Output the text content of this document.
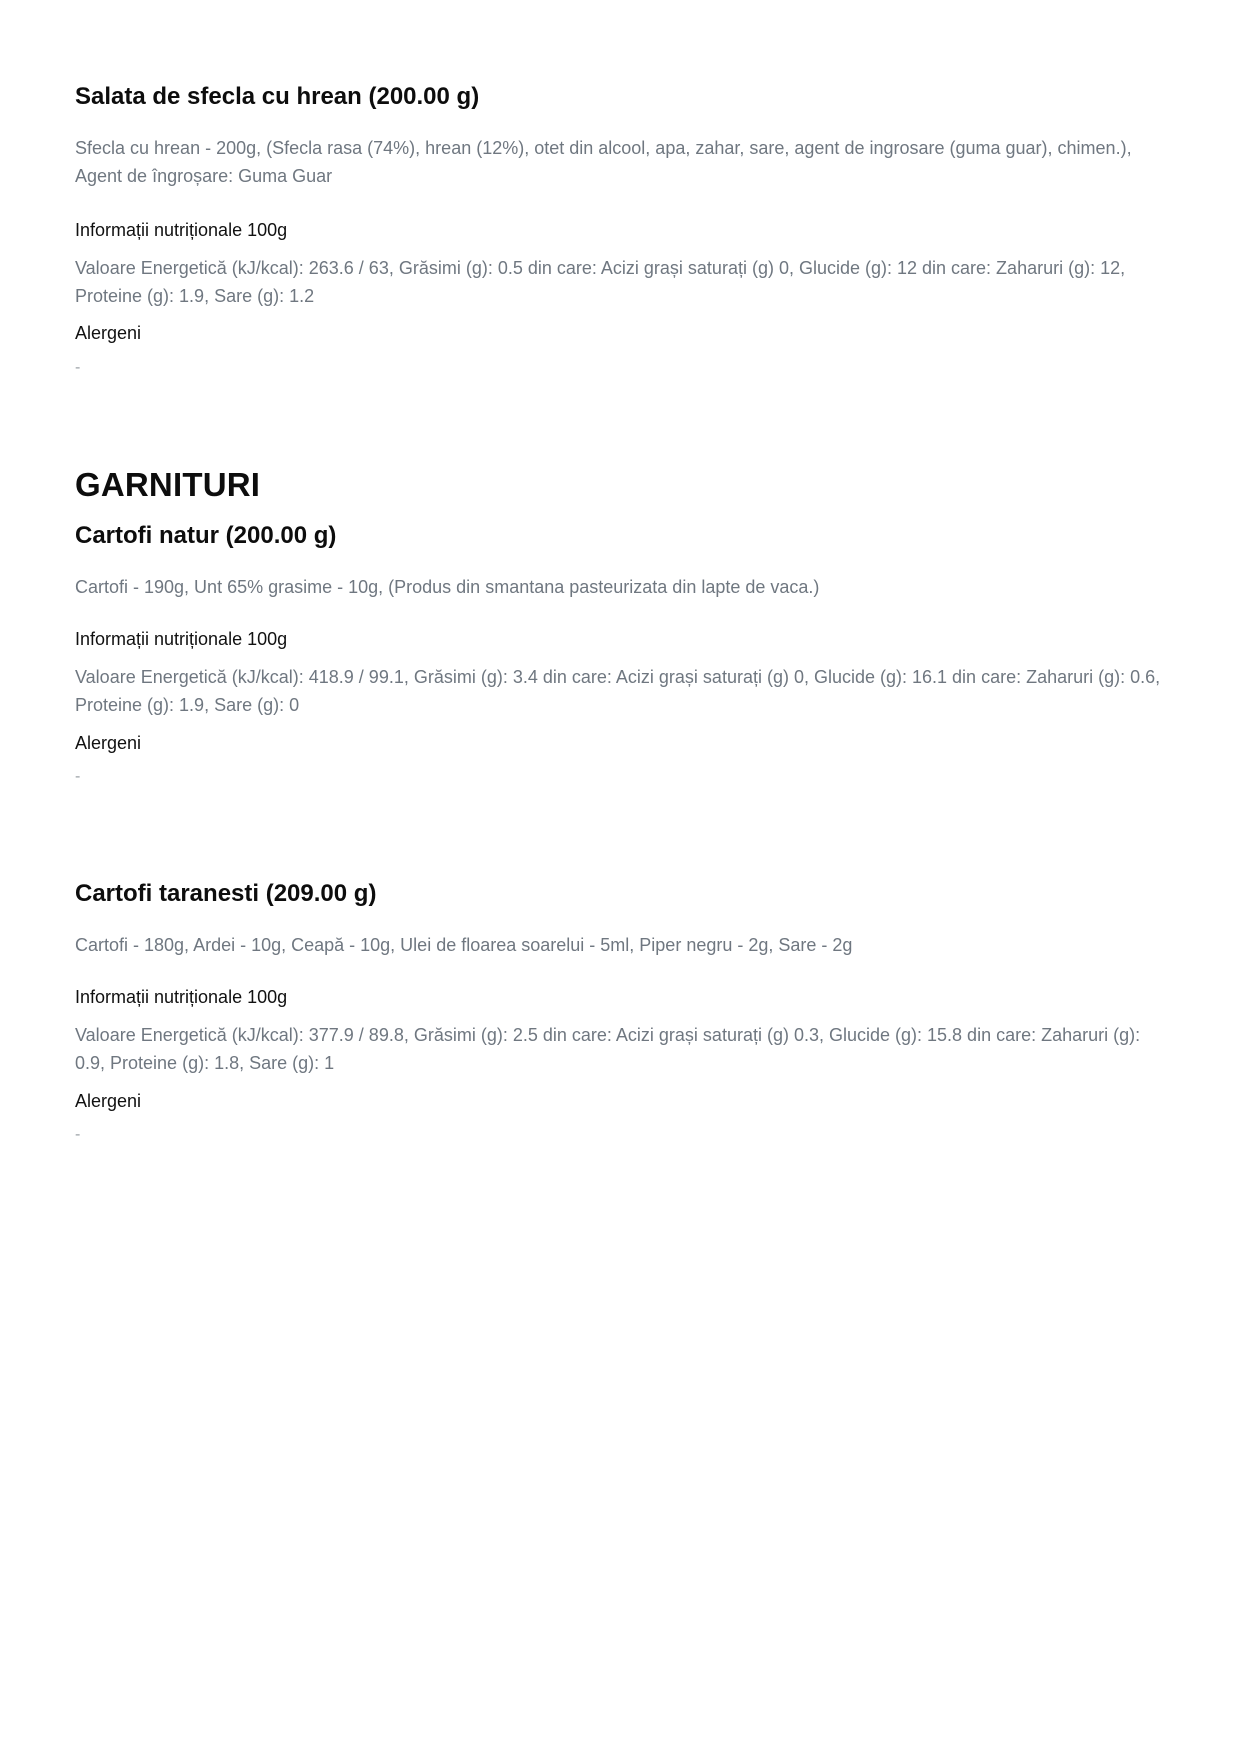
Salata de sfecla cu hrean (200.00 g)

Sfecla cu hrean - 200g, (Sfecla rasa (74%), hrean (12%), otet din alcool, apa, zahar, sare, agent de ingrosare (guma guar), chimen.), Agent de îngroșare: Guma Guar

Informații nutriționale 100g

Valoare Energetică (kJ/kcal): 263.6 / 63, Grăsimi (g): 0.5 din care: Acizi grași saturați (g) 0, Glucide (g): 12 din care: Zaharuri (g): 12, Proteine (g): 1.9, Sare (g): 1.2

Alergeni

-

GARNITURI
Cartofi natur (200.00 g)

Cartofi - 190g, Unt 65% grasime - 10g, (Produs din smantana pasteurizata din lapte de vaca.)

Informații nutriționale 100g

Valoare Energetică (kJ/kcal): 418.9 / 99.1, Grăsimi (g): 3.4 din care: Acizi grași saturați (g) 0, Glucide (g): 16.1 din care: Zaharuri (g): 0.6, Proteine (g): 1.9, Sare (g): 0

Alergeni

-

Cartofi taranesti (209.00 g)

Cartofi - 180g, Ardei - 10g, Ceapă - 10g, Ulei de floarea soarelui - 5ml, Piper negru - 2g, Sare - 2g

Informații nutriționale 100g

Valoare Energetică (kJ/kcal): 377.9 / 89.8, Grăsimi (g): 2.5 din care: Acizi grași saturați (g) 0.3, Glucide (g): 15.8 din care: Zaharuri (g): 0.9, Proteine (g): 1.8, Sare (g): 1

Alergeni

-
